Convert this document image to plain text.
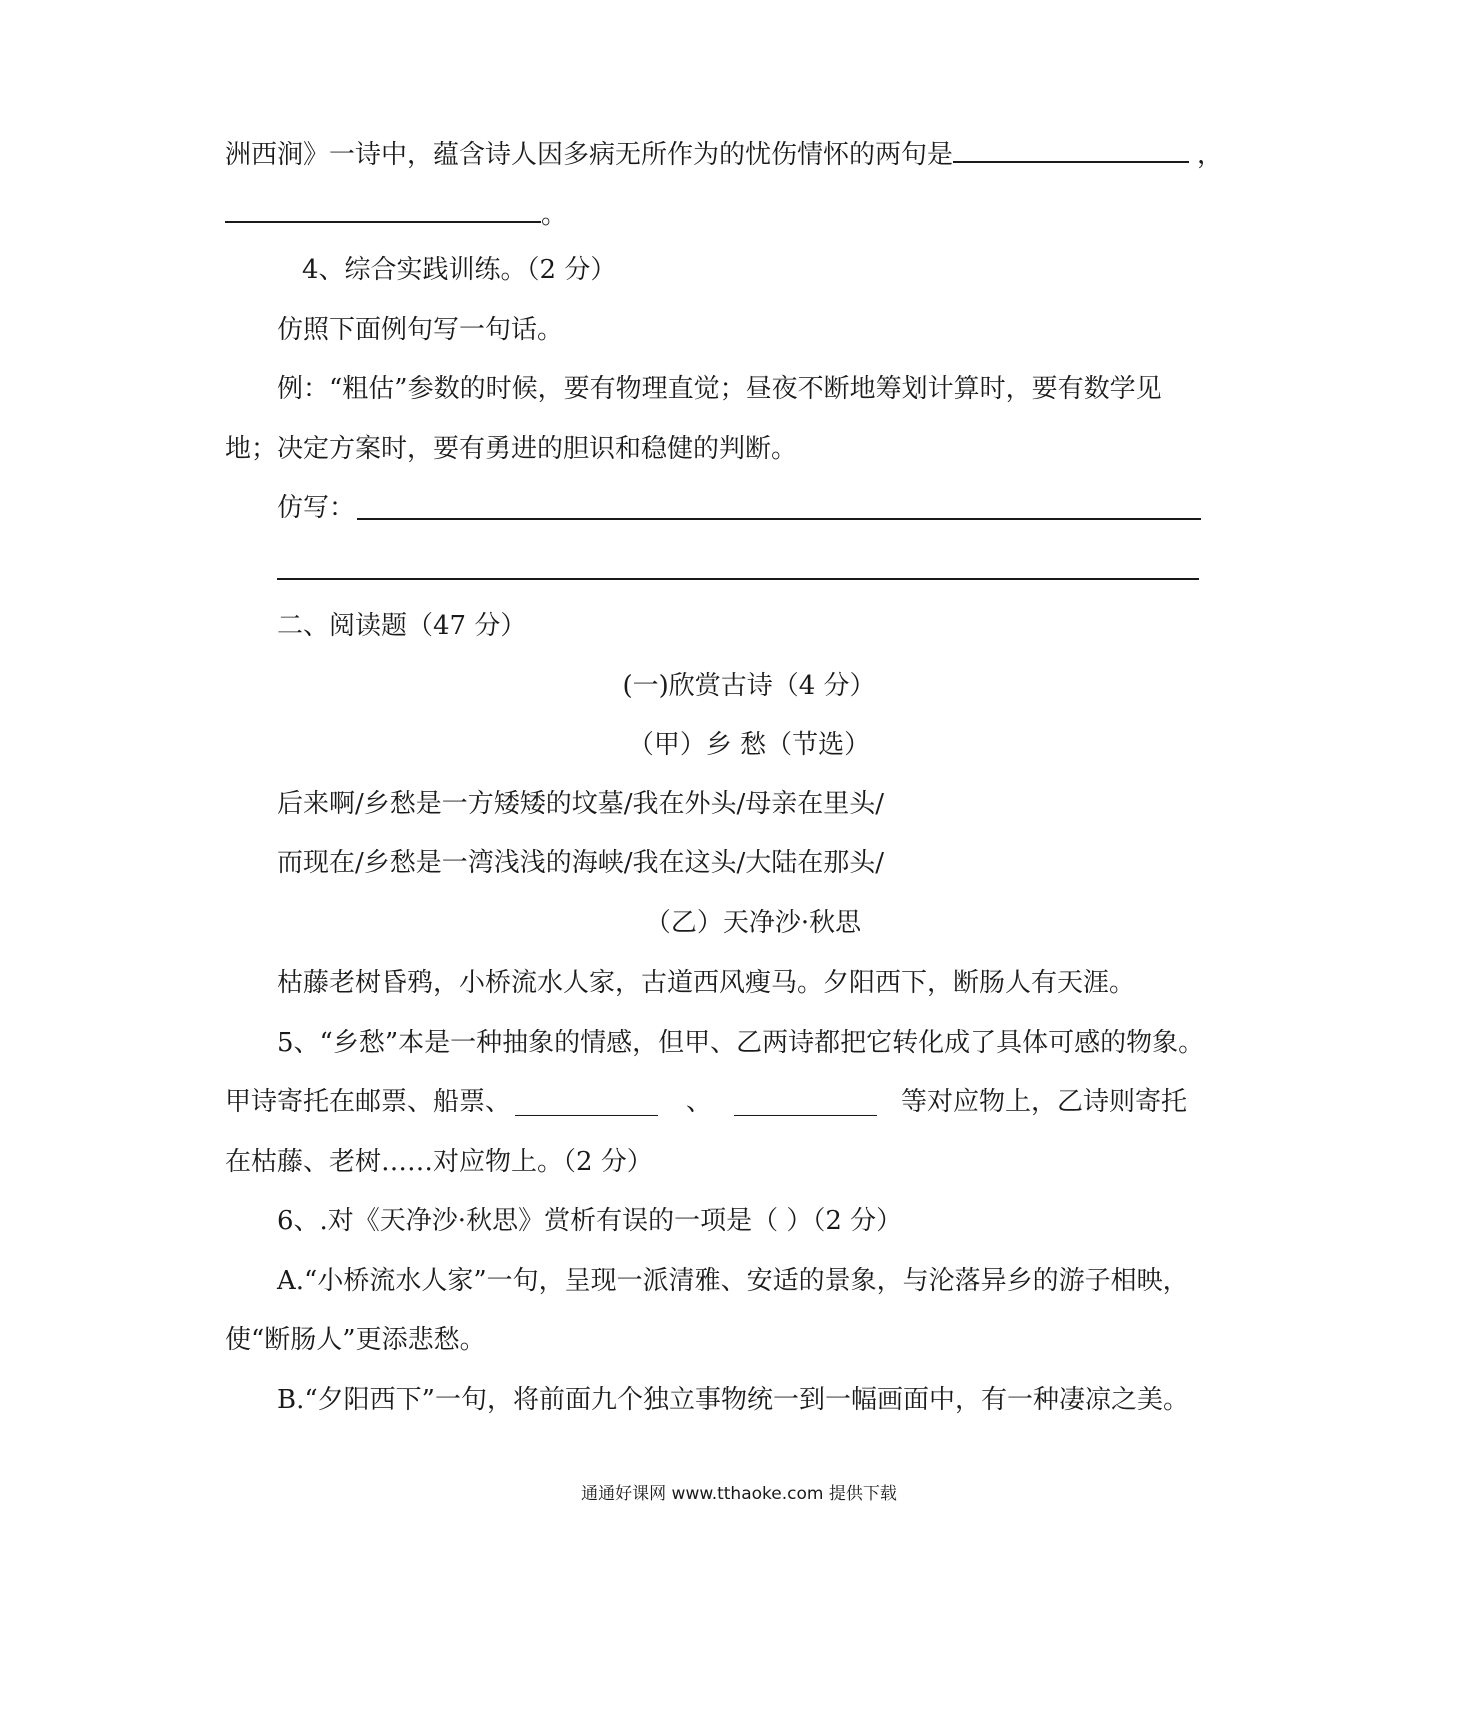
洲西涧》一诗中，蕴含诗人因多病无所作为的忧伤情怀的两句是	，
。
4、综合实践训练。（2 分）
仿照下面例句写一句话。
例：“粗估”参数的时候，要有物理直觉；昼夜不断地筹划计算时，要有数学见
地；决定方案时，要有勇进的胆识和稳健的判断。
仿写：
二、阅读题（47 分）
(一)欣赏古诗（4 分）
（甲）乡 愁（节选）
后来啊/乡愁是一方矮矮的坟墓/我在外头/母亲在里头/
而现在/乡愁是一湾浅浅的海峡/我在这头/大陆在那头/
（乙）天净沙·秋思
枯藤老树昏鸦，小桥流水人家，古道西风瘦马。夕阳西下，断肠人有天涯。
5、“乡愁”本是一种抽象的情感，但甲、乙两诗都把它转化成了具体可感的物象。
甲诗寄托在邮票、船票、 ___________ 、 ___________ 等对应物上，乙诗则寄托
在枯藤、老树……对应物上。（2 分）
6、.对《天净沙·秋思》赏析有误的一项是（ ）（2 分）
A.“小桥流水人家”一句，呈现一派清雅、安适的景象，与沦落异乡的游子相映，
使“断肠人”更添悲愁。
B.“夕阳西下”一句，将前面九个独立事物统一到一幅画面中，有一种凄凉之美。
通通好课网 www.tthaoke.com 提供下载
